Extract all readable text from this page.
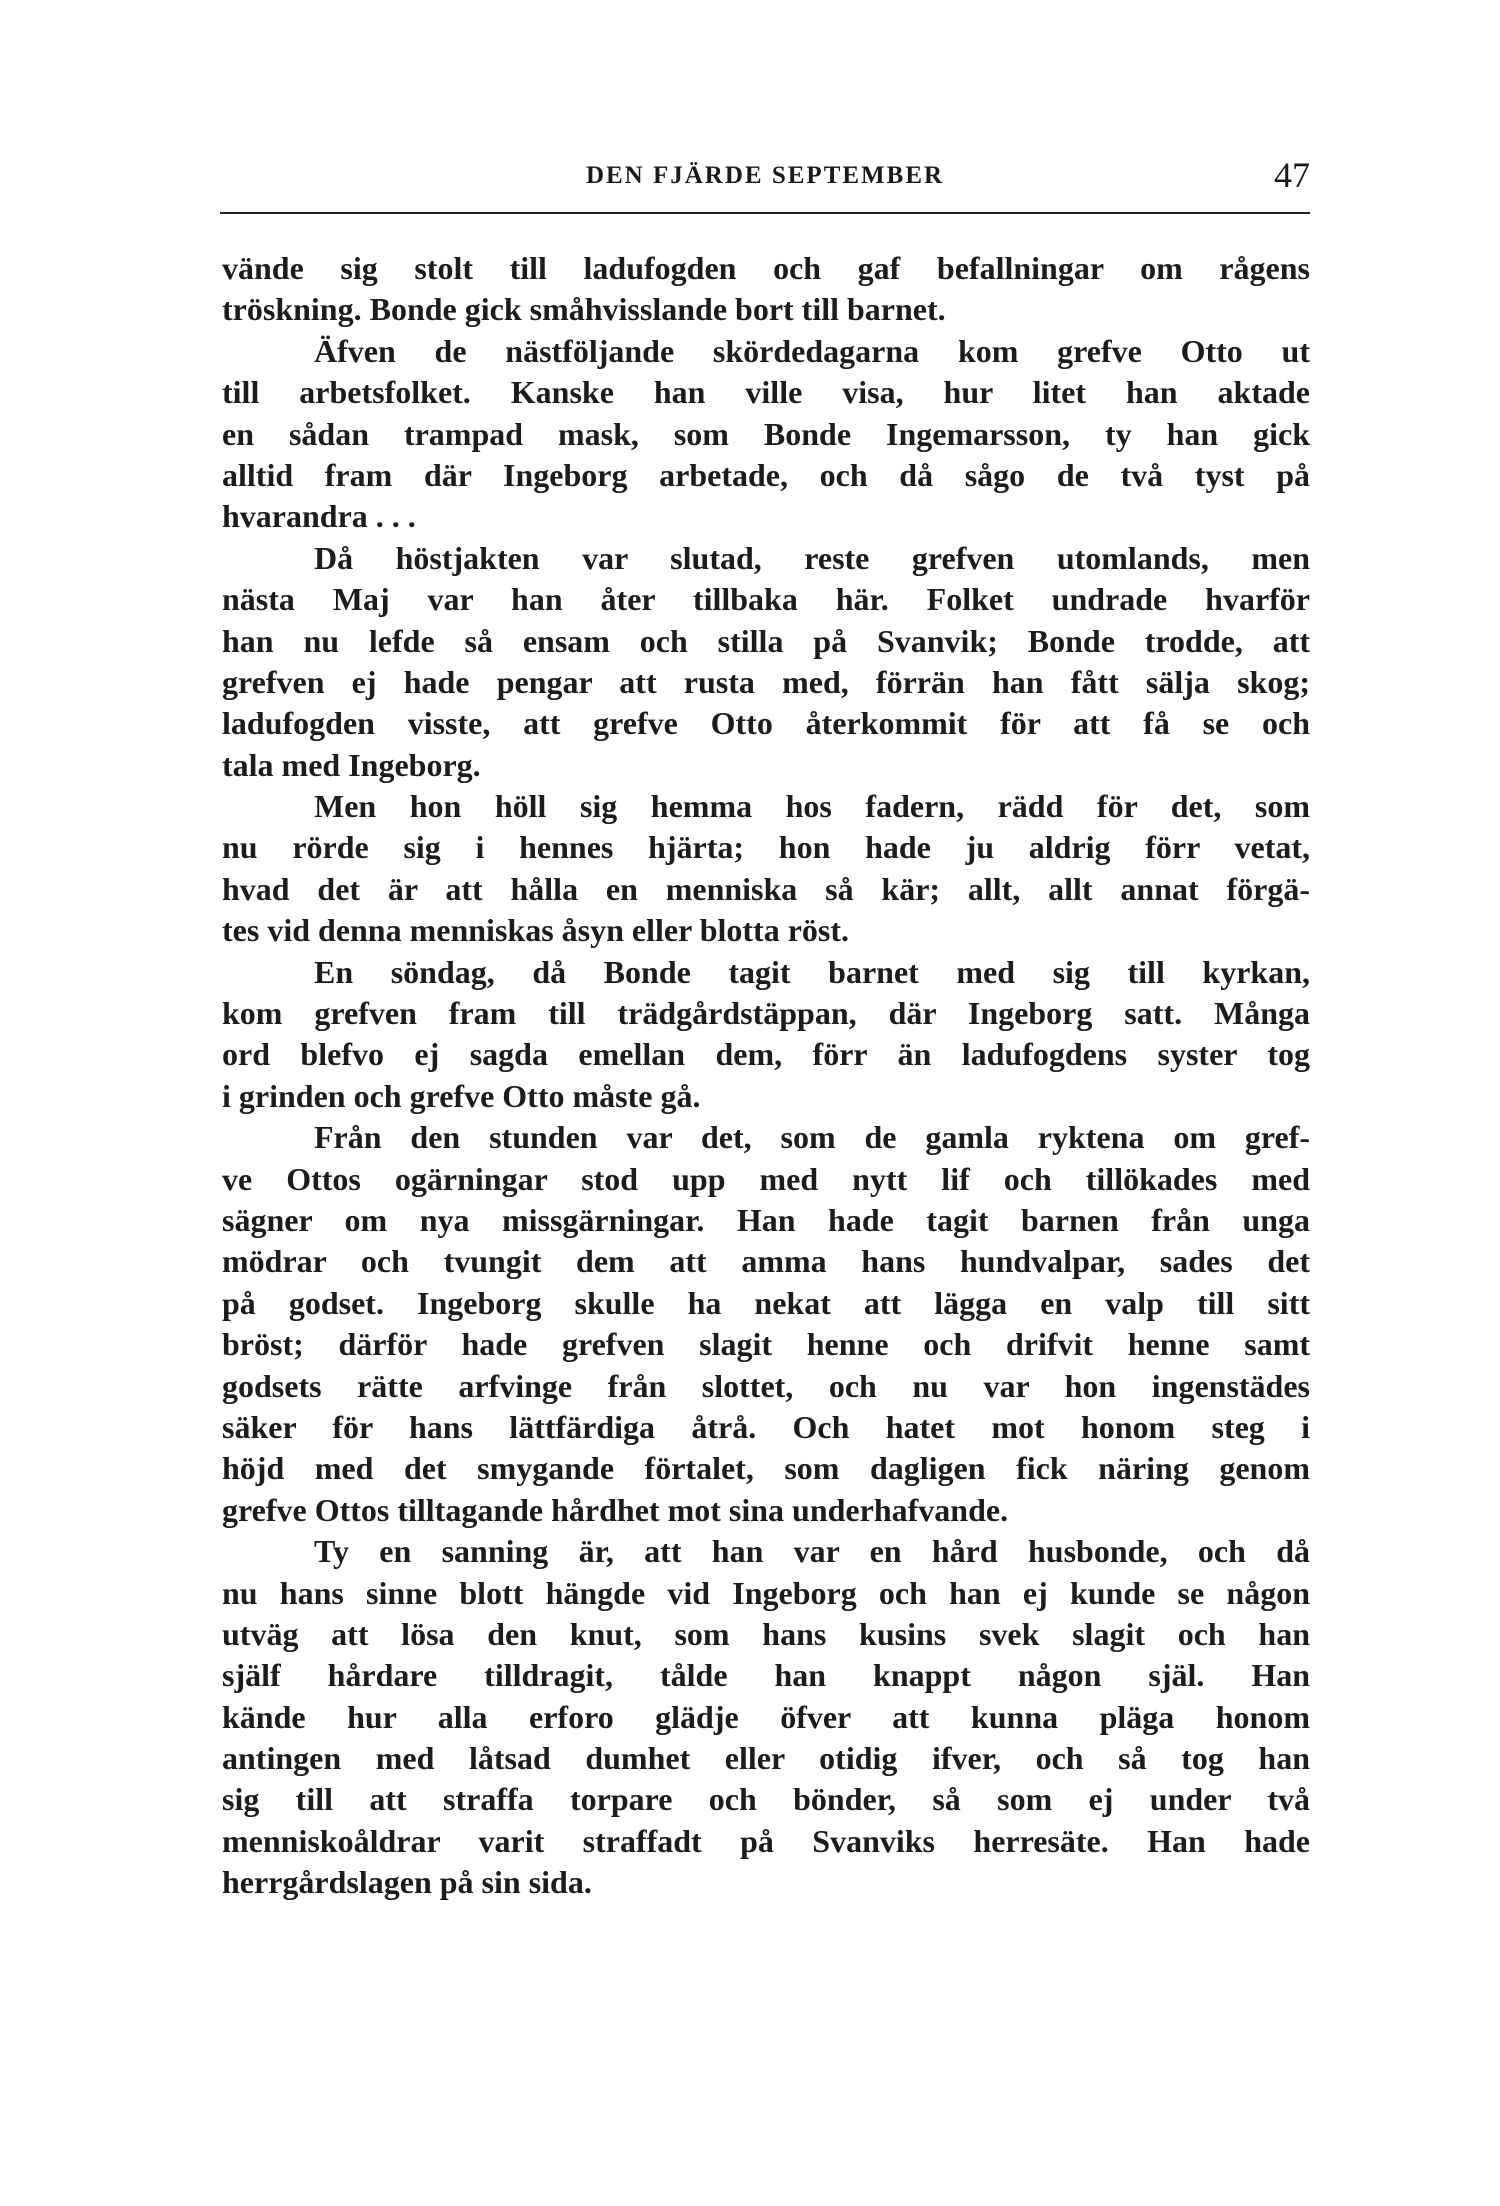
DEN FJÄRDE SEPTEMBER	47
vände sig stolt till ladufogden och gaf befallningar om rågens
tröskning. Bonde gick småhvisslande bort till barnet.
Äfven de nästföljande skördedagarna kom grefve Otto ut
till arbetsfolket. Kanske han ville visa, hur litet han aktade
en sådan trampad mask, som Bonde Ingemarsson, ty han gick
alltid fram där Ingeborg arbetade, och då sågo de två tyst på
hvarandra . . .
Då höstjakten var slutad, reste grefven utomlands, men
nästa Maj var han åter tillbaka här. Folket undrade hvarför
han nu lefde så ensam och stilla på Svanvik; Bonde trodde, att
grefven ej hade pengar att rusta med, förrän han fått sälja skog;
ladufogden visste, att grefve Otto återkommit för att få se och
tala med Ingeborg.
Men hon höll sig hemma hos fadern, rädd för det, som
nu rörde sig i hennes hjärta; hon hade ju aldrig förr vetat,
hvad det är att hålla en menniska så kär; allt, allt annat förgä-
tes vid denna menniskas åsyn eller blotta röst.
En söndag, då Bonde tagit barnet med sig till kyrkan,
kom grefven fram till trädgårdstäppan, där Ingeborg satt. Många
ord blefvo ej sagda emellan dem, förr än ladufogdens syster tog
i grinden och grefve Otto måste gå.
Från den stunden var det, som de gamla ryktena om gref-
ve Ottos ogärningar stod upp med nytt lif och tillökades med
sägner om nya missgärningar. Han hade tagit barnen från unga
mödrar och tvungit dem att amma hans hundvalpar, sades det
på godset. Ingeborg skulle ha nekat att lägga en valp till sitt
bröst; därför hade grefven slagit henne och drifvit henne samt
godsets rätte arfvinge från slottet, och nu var hon ingenstädes
säker för hans lättfärdiga åtrå. Och hatet mot honom steg i
höjd med det smygande förtalet, som dagligen fick näring genom
grefve Ottos tilltagande hårdhet mot sina underhafvande.
Ty en sanning är, att han var en hård husbonde, och då
nu hans sinne blott hängde vid Ingeborg och han ej kunde se någon
utväg att lösa den knut, som hans kusins svek slagit och han
själf hårdare tilldragit, tålde han knappt någon själ. Han
kände hur alla erforo glädje öfver att kunna pläga honom
antingen med låtsad dumhet eller otidig ifver, och så tog han
sig till att straffa torpare och bönder, så som ej under två
menniskoåldrar varit straffadt på Svanviks herresäte. Han hade
herrgårdslagen på sin sida.
